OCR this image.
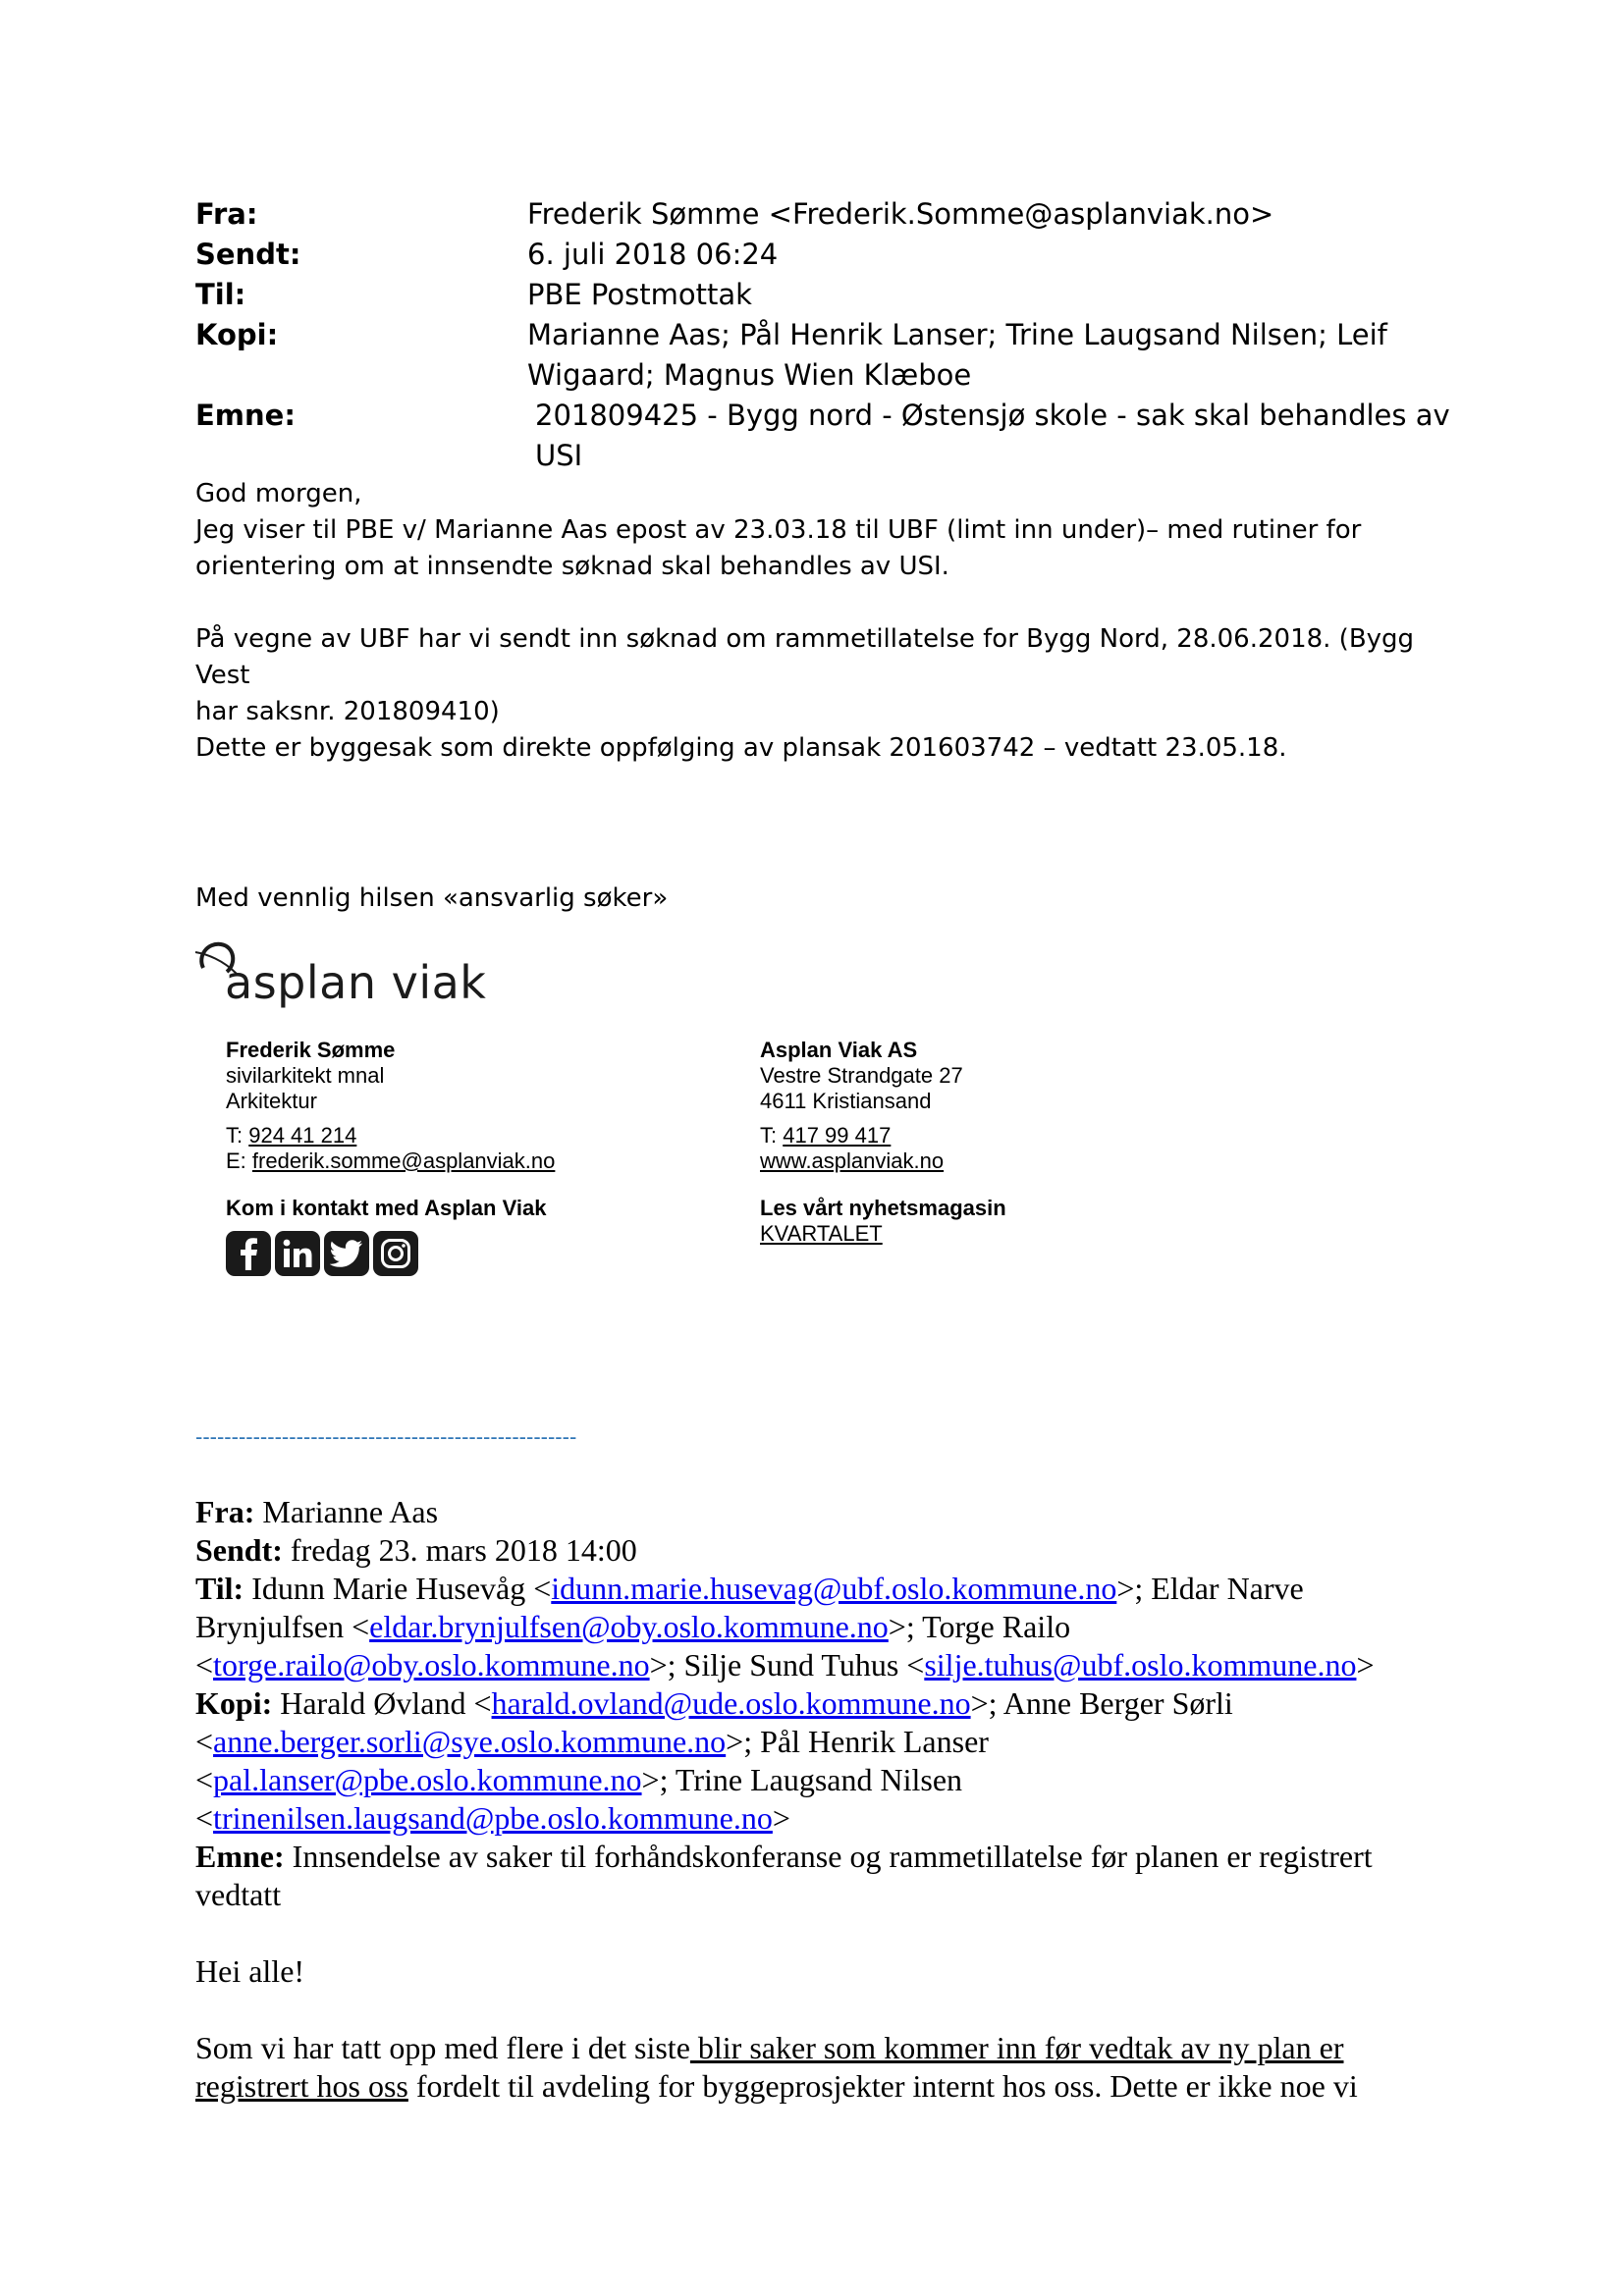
Fra:	Frederik Sømme <Frederik.Somme@asplanviak.no>
Sendt:	6. juli 2018 06:24
Til:	PBE Postmottak
Kopi:	Marianne Aas; Pål Henrik Lanser; Trine Laugsand Nilsen; Leif
Wigaard; Magnus Wien Klæboe
Emne:	201809425 - Bygg nord - Østensjø skole - sak skal behandles av USI

God morgen,

Jeg viser til PBE v/ Marianne Aas epost av 23.03.18 til UBF (limt inn under)– med rutiner for

orientering om at innsendte søknad skal behandles av USI.

På vegne av UBF har vi sendt inn søknad om rammetillatelse for Bygg Nord, 28.06.2018. (Bygg Vest

har saksnr. 201809410)

Dette er byggesak som direkte oppfølging av plansak 201603742 – vedtatt 23.05.18.

Med vennlig hilsen «ansvarlig søker»

asplan viak
Frederik Sømme
sivilarkitekt mnal
Arkitektur
T: 924 41 214
E: frederik.somme@asplanviak.no
Kom i kontakt med Asplan Viak
Asplan Viak AS
Vestre Strandgate 27
4611 Kristiansand
T: 417 99 417
www.asplanviak.no
Les vårt nyhetsmagasin
KVARTALET
-----------------------------------------------------

Fra: Marianne Aas

Sendt: fredag 23. mars 2018 14:00

Til: Idunn Marie Husevåg <idunn.marie.husevag@ubf.oslo.kommune.no>; Eldar Narve

Brynjulfsen <eldar.brynjulfsen@oby.oslo.kommune.no>; Torge Railo

<torge.railo@oby.oslo.kommune.no>; Silje Sund Tuhus <silje.tuhus@ubf.oslo.kommune.no>

Kopi: Harald Øvland <harald.ovland@ude.oslo.kommune.no>; Anne Berger Sørli

<anne.berger.sorli@sye.oslo.kommune.no>; Pål Henrik Lanser

<pal.lanser@pbe.oslo.kommune.no>; Trine Laugsand Nilsen

<trinenilsen.laugsand@pbe.oslo.kommune.no>

Emne: Innsendelse av saker til forhåndskonferanse og rammetillatelse før planen er registrert

vedtatt

Hei alle!

Som vi har tatt opp med flere i det siste blir saker som kommer inn før vedtak av ny plan er

registrert hos oss fordelt til avdeling for byggeprosjekter internt hos oss. Dette er ikke noe vi
